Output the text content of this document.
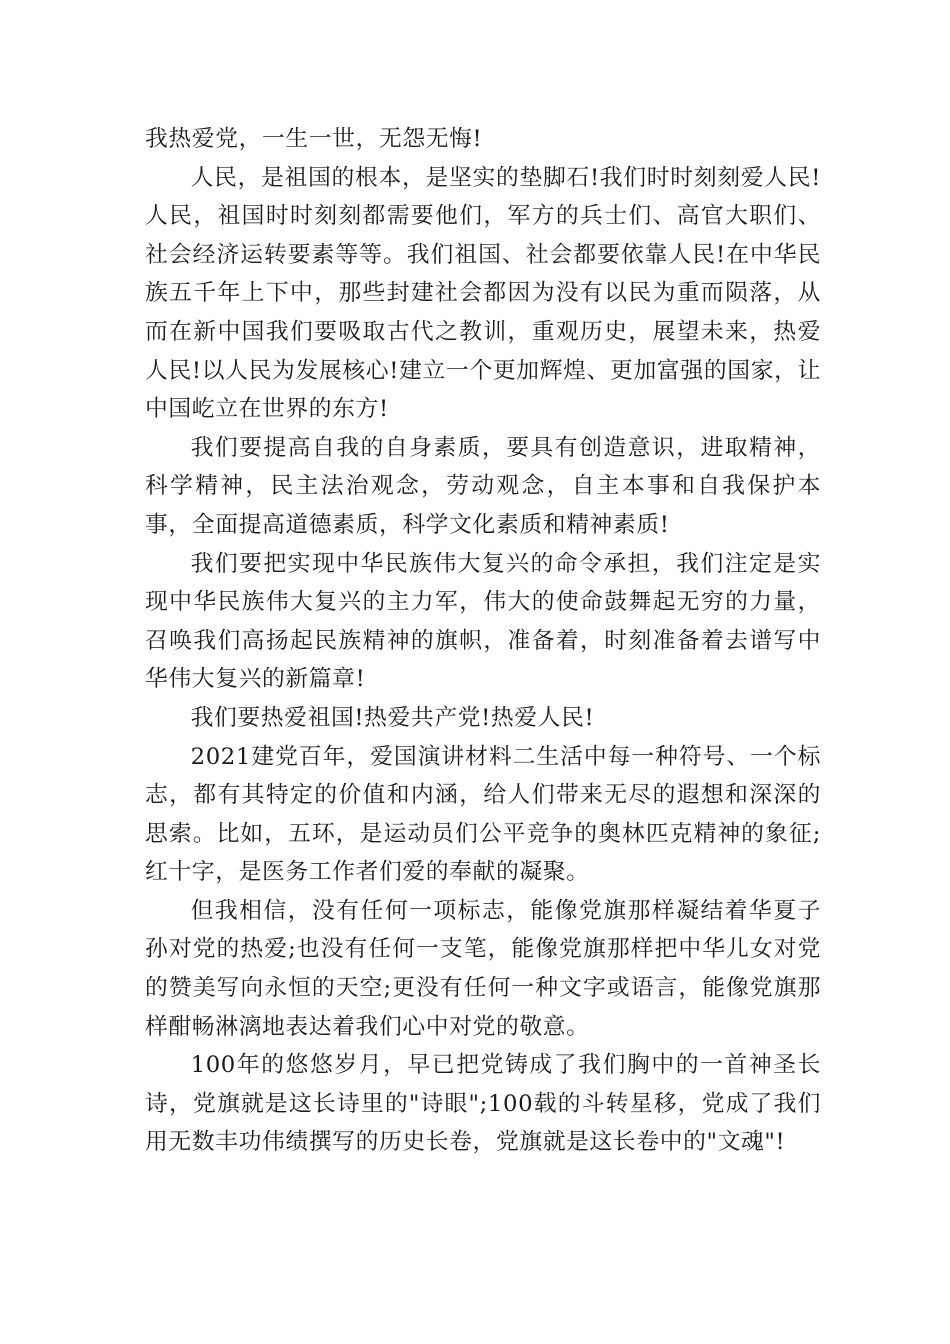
我热爱党，一生一世，无怨无悔!

人民，是祖国的根本，是坚实的垫脚石!我们时时刻刻爱人民!人民，祖国时时刻刻都需要他们，军方的兵士们、高官大职们、社会经济运转要素等等。我们祖国、社会都要依靠人民!在中华民族五千年上下中，那些封建社会都因为没有以民为重而陨落，从而在新中国我们要吸取古代之教训，重观历史，展望未来，热爱人民!以人民为发展核心!建立一个更加辉煌、更加富强的国家，让中国屹立在世界的东方!

我们要提高自我的自身素质，要具有创造意识，进取精神，科学精神，民主法治观念，劳动观念，自主本事和自我保护本事，全面提高道德素质，科学文化素质和精神素质!

我们要把实现中华民族伟大复兴的命令承担，我们注定是实现中华民族伟大复兴的主力军，伟大的使命鼓舞起无穷的力量，召唤我们高扬起民族精神的旗帜，准备着，时刻准备着去谱写中华伟大复兴的新篇章!

我们要热爱祖国!热爱共产党!热爱人民!

2021建党百年，爱国演讲材料二生活中每一种符号、一个标志，都有其特定的价值和内涵，给人们带来无尽的遐想和深深的思索。比如，五环，是运动员们公平竞争的奥林匹克精神的象征;红十字，是医务工作者们爱的奉献的凝聚。

但我相信，没有任何一项标志，能像党旗那样凝结着华夏子孙对党的热爱;也没有任何一支笔，能像党旗那样把中华儿女对党的赞美写向永恒的天空;更没有任何一种文字或语言，能像党旗那样酣畅淋漓地表达着我们心中对党的敬意。

100年的悠悠岁月，早已把党铸成了我们胸中的一首神圣长诗，党旗就是这长诗里的"诗眼";100载的斗转星移，党成了我们用无数丰功伟绩撰写的历史长卷，党旗就是这长卷中的"文魂"!
